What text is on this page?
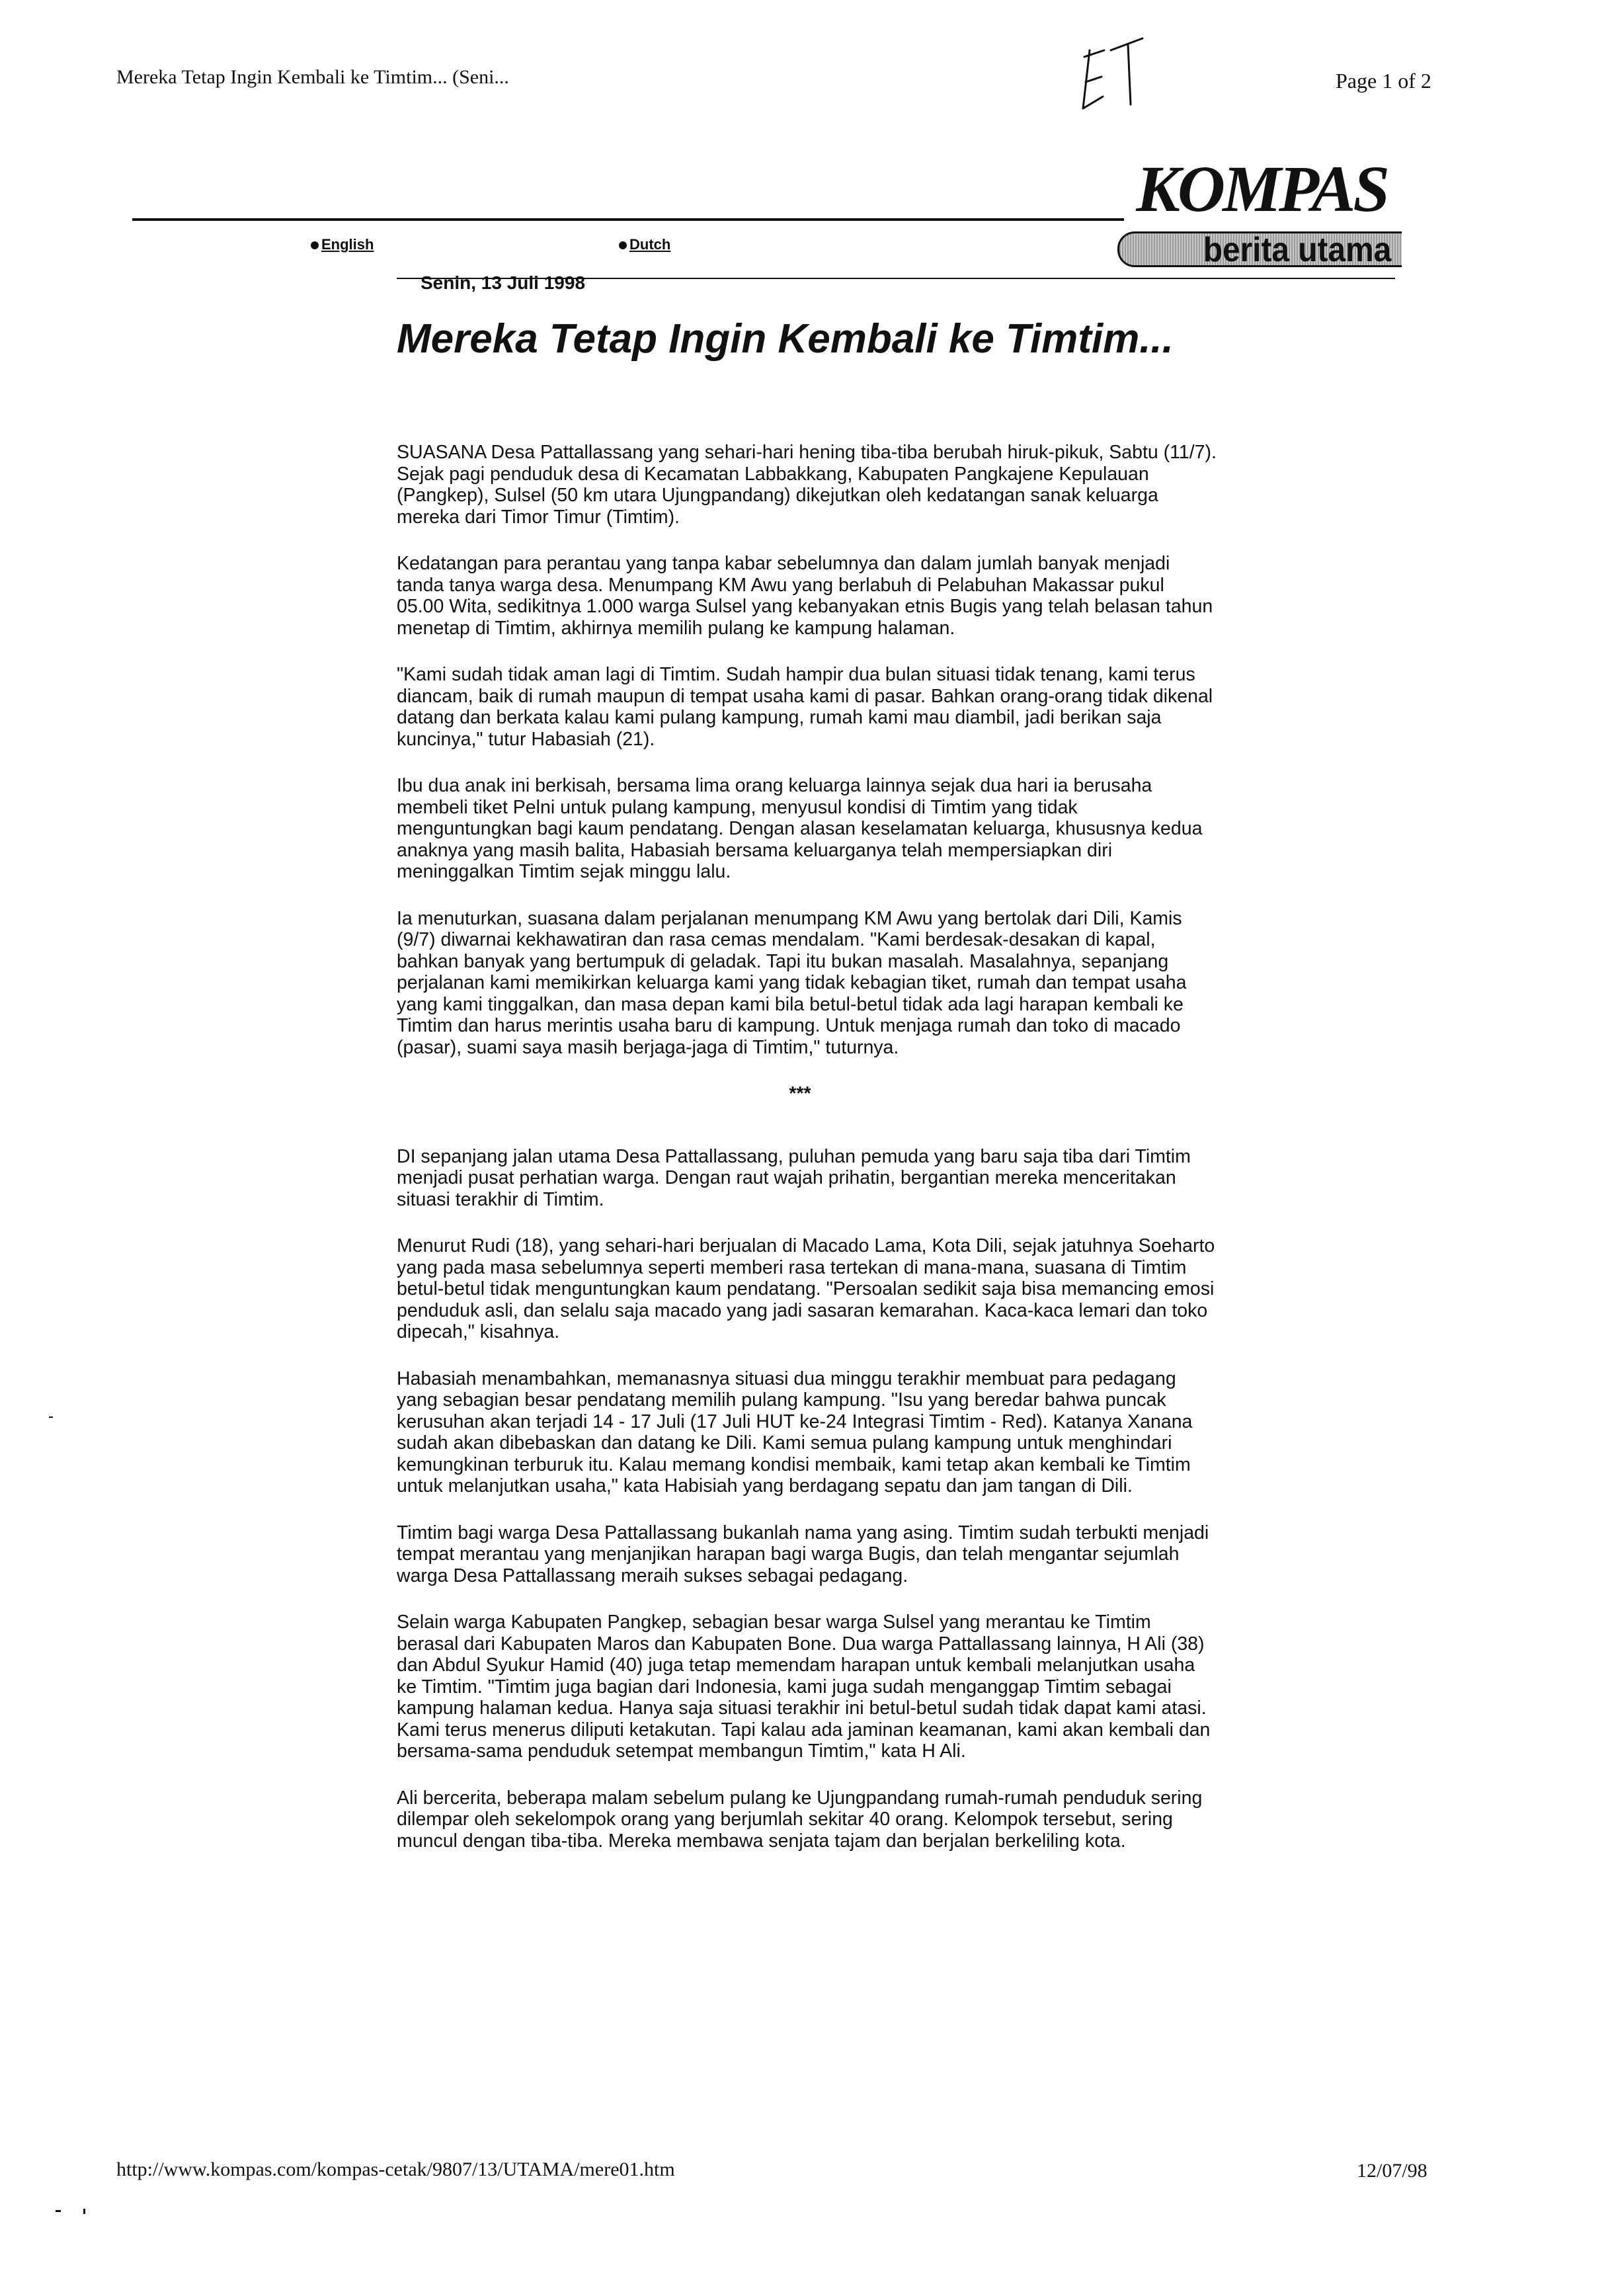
Mereka Tetap Ingin Kembali ke Timtim... (Seni...	Page 1 of 2
KOMPAS
berita utama
English	Dutch
Senin, 13 Juli 1998
Mereka Tetap Ingin Kembali ke Timtim...

SUASANA Desa Pattallassang yang sehari-hari hening tiba-tiba berubah hiruk-pikuk, Sabtu (11/7). Sejak pagi penduduk desa di Kecamatan Labbakkang, Kabupaten Pangkajene Kepulauan (Pangkep), Sulsel (50 km utara Ujungpandang) dikejutkan oleh kedatangan sanak keluarga mereka dari Timor Timur (Timtim).

Kedatangan para perantau yang tanpa kabar sebelumnya dan dalam jumlah banyak menjadi tanda tanya warga desa. Menumpang KM Awu yang berlabuh di Pelabuhan Makassar pukul 05.00 Wita, sedikitnya 1.000 warga Sulsel yang kebanyakan etnis Bugis yang telah belasan tahun menetap di Timtim, akhirnya memilih pulang ke kampung halaman.

"Kami sudah tidak aman lagi di Timtim. Sudah hampir dua bulan situasi tidak tenang, kami terus diancam, baik di rumah maupun di tempat usaha kami di pasar. Bahkan orang-orang tidak dikenal datang dan berkata kalau kami pulang kampung, rumah kami mau diambil, jadi berikan saja kuncinya," tutur Habasiah (21).

Ibu dua anak ini berkisah, bersama lima orang keluarga lainnya sejak dua hari ia berusaha membeli tiket Pelni untuk pulang kampung, menyusul kondisi di Timtim yang tidak menguntungkan bagi kaum pendatang. Dengan alasan keselamatan keluarga, khususnya kedua anaknya yang masih balita, Habasiah bersama keluarganya telah mempersiapkan diri meninggalkan Timtim sejak minggu lalu.

Ia menuturkan, suasana dalam perjalanan menumpang KM Awu yang bertolak dari Dili, Kamis (9/7) diwarnai kekhawatiran dan rasa cemas mendalam. "Kami berdesak-desakan di kapal, bahkan banyak yang bertumpuk di geladak. Tapi itu bukan masalah. Masalahnya, sepanjang perjalanan kami memikirkan keluarga kami yang tidak kebagian tiket, rumah dan tempat usaha yang kami tinggalkan, dan masa depan kami bila betul-betul tidak ada lagi harapan kembali ke Timtim dan harus merintis usaha baru di kampung. Untuk menjaga rumah dan toko di macado (pasar), suami saya masih berjaga-jaga di Timtim," tuturnya.

***

DI sepanjang jalan utama Desa Pattallassang, puluhan pemuda yang baru saja tiba dari Timtim menjadi pusat perhatian warga. Dengan raut wajah prihatin, bergantian mereka menceritakan situasi terakhir di Timtim.

Menurut Rudi (18), yang sehari-hari berjualan di Macado Lama, Kota Dili, sejak jatuhnya Soeharto yang pada masa sebelumnya seperti memberi rasa tertekan di mana-mana, suasana di Timtim betul-betul tidak menguntungkan kaum pendatang. "Persoalan sedikit saja bisa memancing emosi penduduk asli, dan selalu saja macado yang jadi sasaran kemarahan. Kaca-kaca lemari dan toko dipecah," kisahnya.

Habasiah menambahkan, memanasnya situasi dua minggu terakhir membuat para pedagang yang sebagian besar pendatang memilih pulang kampung. "Isu yang beredar bahwa puncak kerusuhan akan terjadi 14 - 17 Juli (17 Juli HUT ke-24 Integrasi Timtim - Red). Katanya Xanana sudah akan dibebaskan dan datang ke Dili. Kami semua pulang kampung untuk menghindari kemungkinan terburuk itu. Kalau memang kondisi membaik, kami tetap akan kembali ke Timtim untuk melanjutkan usaha," kata Habisiah yang berdagang sepatu dan jam tangan di Dili.

Timtim bagi warga Desa Pattallassang bukanlah nama yang asing. Timtim sudah terbukti menjadi tempat merantau yang menjanjikan harapan bagi warga Bugis, dan telah mengantar sejumlah warga Desa Pattallassang meraih sukses sebagai pedagang.

Selain warga Kabupaten Pangkep, sebagian besar warga Sulsel yang merantau ke Timtim berasal dari Kabupaten Maros dan Kabupaten Bone. Dua warga Pattallassang lainnya, H Ali (38) dan Abdul Syukur Hamid (40) juga tetap memendam harapan untuk kembali melanjutkan usaha ke Timtim. "Timtim juga bagian dari Indonesia, kami juga sudah menganggap Timtim sebagai kampung halaman kedua. Hanya saja situasi terakhir ini betul-betul sudah tidak dapat kami atasi. Kami terus menerus diliputi ketakutan. Tapi kalau ada jaminan keamanan, kami akan kembali dan bersama-sama penduduk setempat membangun Timtim," kata H Ali.

Ali bercerita, beberapa malam sebelum pulang ke Ujungpandang rumah-rumah penduduk sering dilempar oleh sekelompok orang yang berjumlah sekitar 40 orang. Kelompok tersebut, sering muncul dengan tiba-tiba. Mereka membawa senjata tajam dan berjalan berkeliling kota.

http://www.kompas.com/kompas-cetak/9807/13/UTAMA/mere01.htm	12/07/98
